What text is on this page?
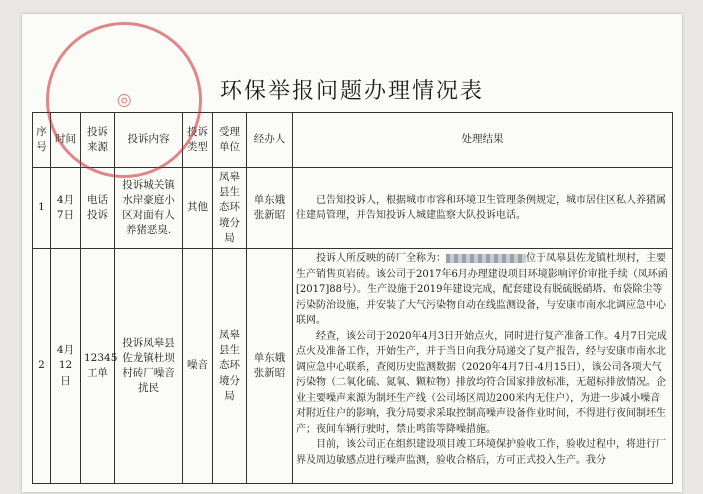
◎	环保举报问题办理情况表
序号	时间	投诉来源	投诉内容	投诉类型	受理单位	经办人	处理结果
1	4月7日	电话投诉	投诉城关镇水岸豪庭小区对面有人养猪恶臭.	其他	凤皋县生态环境分局	单东娥张新昭	已告知投诉人，根据城市市容和环境卫生管理条例规定，城市居住区私人养猪属住建局管理，并告知投诉人城建监察大队投诉电话。

2	4月12日	12345工单	投诉凤皋县佐龙镇杜坝村砖厂噪音扰民	噪音	凤皋县生态环境分局	单东娥张新昭	投诉人所反映的砖厂全称为： 位于凤皋县佐龙镇杜坝村，主要生产销售页岩砖。该公司于2017年6月办理建设项目环境影响评价审批手续（凤环函[2017]88号）。生产设施于2019年建设完成，配套建设有脱硫脱硝塔、布袋除尘等污染防治设施，并安装了大气污染物自动在线监测设备，与安康市南水北调应急中心联网。

经查，该公司于2020年4月3日开始点火，同时进行复产准备工作。4月7日完成点火及准备工作，开始生产，并于当日向我分局递交了复产报告，经与安康市南水北调应急中心联系，查阅历史监测数据（2020年4月7日-4月15日），该公司各项大气污染物（二氧化硫、氮氧、颗粒物）排放均符合国家排放标准，无超标排放情况。企业主要噪声来源为制坯生产线（公司场区周边200米内无住户），为进一步减小噪音对附近住户的影响，我分局要求采取控制高噪声设备作业时间，不得进行夜间制坯生产；夜间车辆行驶时，禁止鸣笛等降噪措施。

目前，该公司正在组织建设项目竣工环境保护验收工作，验收过程中，将进行厂界及周边敏感点进行噪声监测，验收合格后，方可正式投入生产。我分
